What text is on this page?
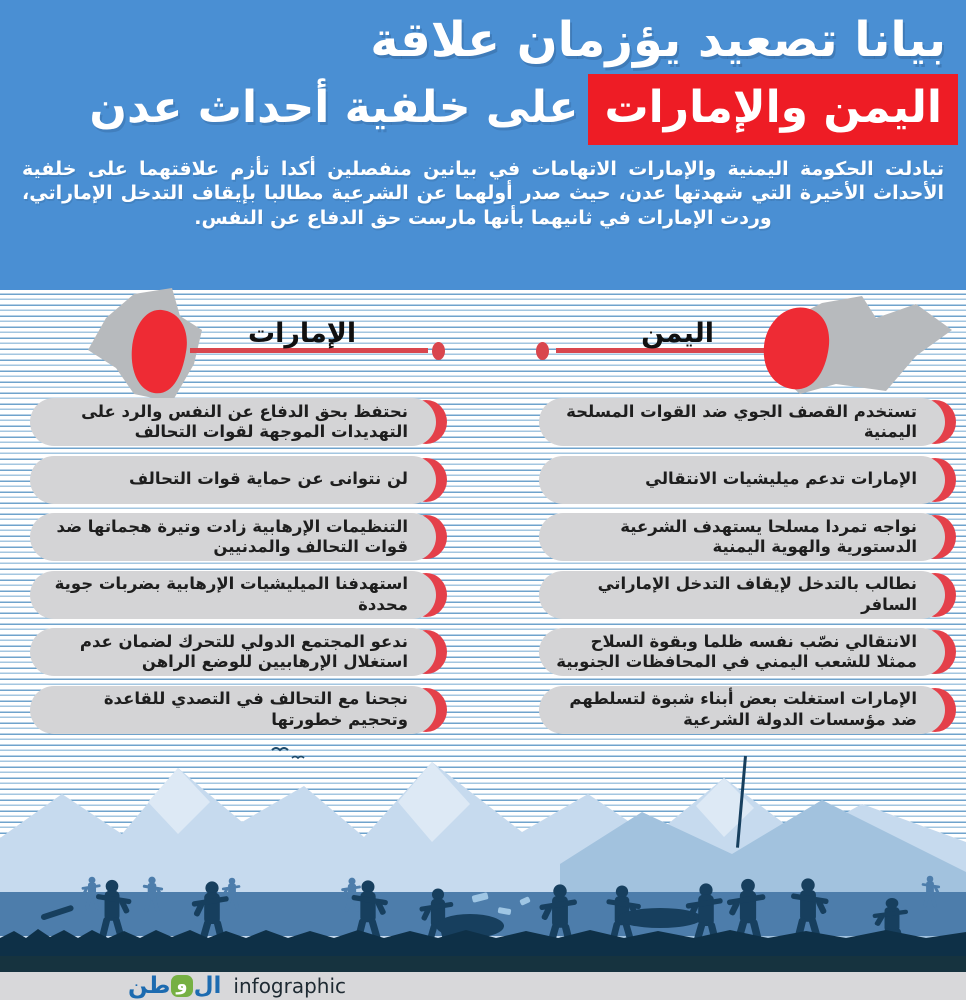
بيانا تصعيد يؤزمان علاقة
اليمن والإماراتعلى خلفية أحداث عدن

تبادلت الحكومة اليمنية والإمارات الاتهامات في بيانين منفصلين أكدا تأزم علاقتهما على خلفية الأحداث الأخيرة التي شهدتها عدن، حيث صدر أولهما عن الشرعية مطالبا بإيقاف التدخل الإماراتي، وردت الإمارات في ثانيهما بأنها مارست حق الدفاع عن النفس.

اليمن
الإمارات

تستخدم القصف الجوي ضد القوات المسلحة اليمنية

الإمارات تدعم ميليشيات الانتقالي

نواجه تمردا مسلحا يستهدف الشرعية الدستورية والهوية اليمنية

نطالب بالتدخل لإيقاف التدخل الإماراتي السافر

الانتقالي نصّب نفسه ظلما وبقوة السلاح ممثلا للشعب اليمني في المحافظات الجنوبية

الإمارات استغلت بعض أبناء شبوة لتسلطهم ضد مؤسسات الدولة الشرعية

نحتفظ بحق الدفاع عن النفس والرد على التهديدات الموجهة لقوات التحالف

لن نتوانى عن حماية قوات التحالف

التنظيمات الإرهابية زادت وتيرة هجماتها ضد قوات التحالف والمدنيين

استهدفنا الميليشيات الإرهابية بضربات جوية محددة

ندعو المجتمع الدولي للتحرك لضمان عدم استغلال الإرهابيين للوضع الراهن

نجحنا مع التحالف في التصدي للقاعدة وتحجيم خطورتها

ال
و
طن	infographic
